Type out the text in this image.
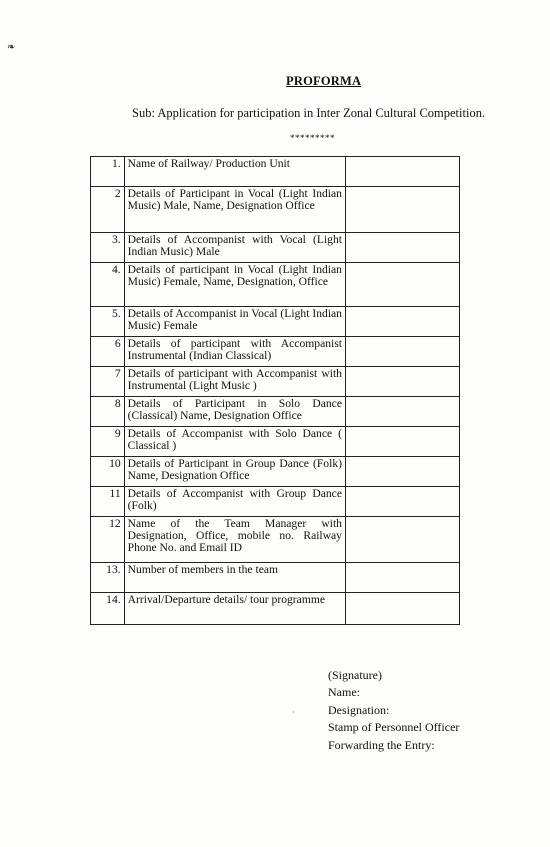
❧
PROFORMA
Sub: Application for participation in Inter Zonal Cultural Competition.
*********
1.	Name of Railway/ Production Unit	
2	Details of Participant in Vocal (Light Indian Music) Male, Name, Designation Office	
3.	Details of Accompanist with Vocal (Light Indian Music) Male	
4.	Details of participant in Vocal (Light Indian Music) Female, Name, Designation, Office	
5.	Details of Accompanist in Vocal (Light Indian Music) Female	
6	Details of participant with Accompanist Instrumental (Indian Classical)	
7	Details of participant with Accompanist with Instrumental (Light Music )	
8	Details of Participant in Solo Dance (Classical) Name, Designation Office	
9	Details of Accompanist with Solo Dance ( Classical )	
10	Details of Participant in Group Dance (Folk) Name, Designation Office	
11	Details of Accompanist with Group Dance (Folk)	
12	Name of the Team Manager with Designation, Office, mobile no. Railway Phone No. and Email ID	
13.	Number of members in the team	
14.	Arrival/Departure details/ tour programme	
·
(Signature)
Name:
Designation:
Stamp of Personnel Officer
Forwarding the Entry:
